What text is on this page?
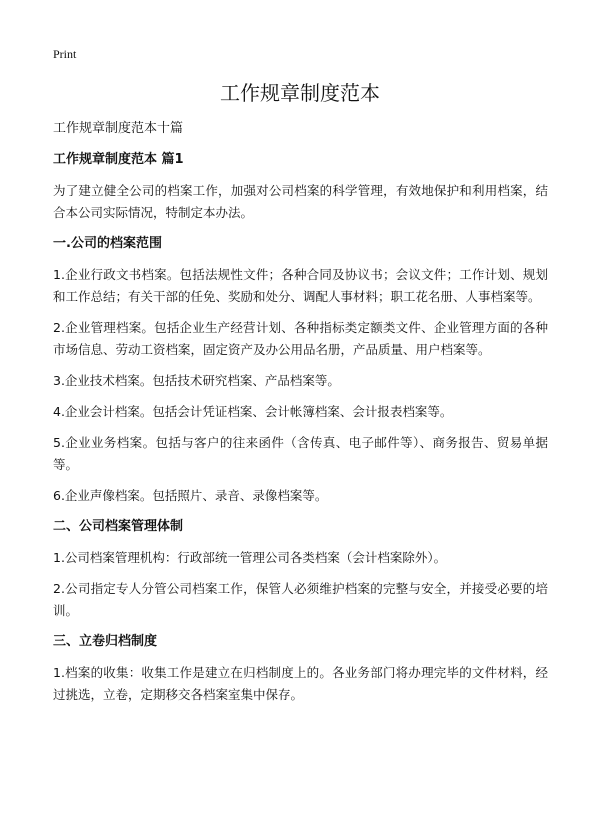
Print
工作规章制度范本

工作规章制度范本十篇

工作规章制度范本 篇1

为了建立健全公司的档案工作，加强对公司档案的科学管理，有效地保护和利用档案，结合本公司实际情况，特制定本办法。

一.公司的档案范围

1.企业行政文书档案。包括法规性文件；各种合同及协议书；会议文件；工作计划、规划和工作总结；有关干部的任免、奖励和处分、调配人事材料；职工花名册、人事档案等。

2.企业管理档案。包括企业生产经营计划、各种指标类定额类文件、企业管理方面的各种市场信息、劳动工资档案，固定资产及办公用品名册，产品质量、用户档案等。

3.企业技术档案。包括技术研究档案、产品档案等。

4.企业会计档案。包括会计凭证档案、会计帐簿档案、会计报表档案等。

5.企业业务档案。包括与客户的往来函件（含传真、电子邮件等）、商务报告、贸易单据等。

6.企业声像档案。包括照片、录音、录像档案等。

二、公司档案管理体制

1.公司档案管理机构：行政部统一管理公司各类档案（会计档案除外）。

2.公司指定专人分管公司档案工作，保管人必须维护档案的完整与安全，并接受必要的培训。

三、立卷归档制度

1.档案的收集：收集工作是建立在归档制度上的。各业务部门将办理完毕的文件材料，经过挑选，立卷，定期移交各档案室集中保存。
